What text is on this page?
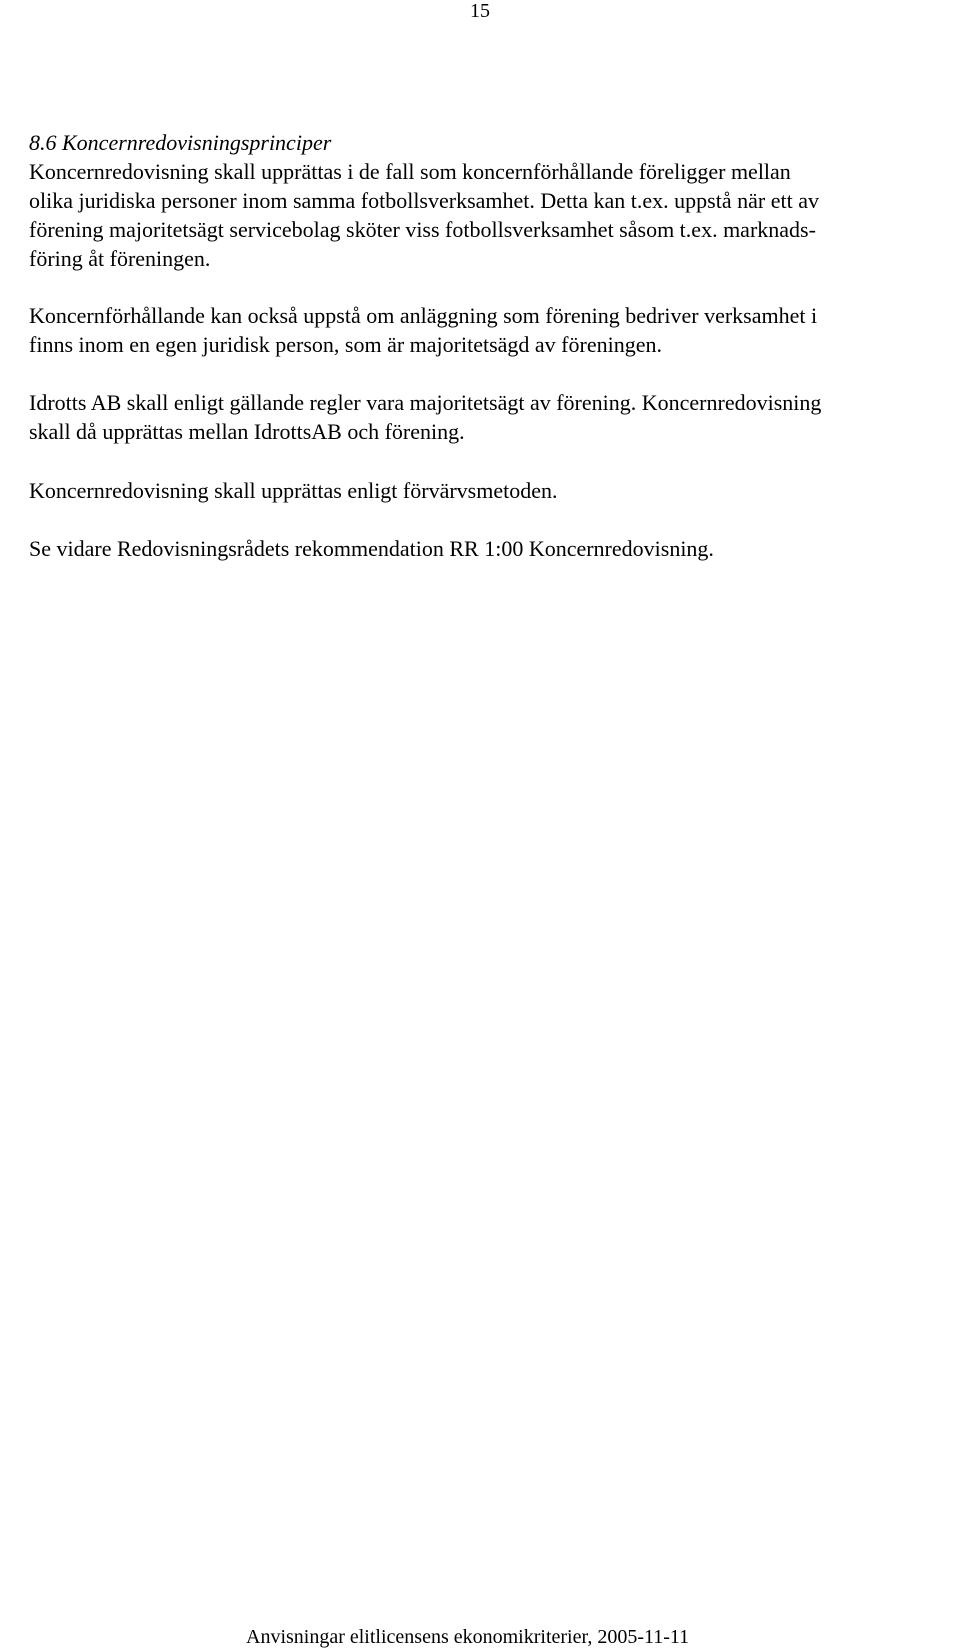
15
8.6 Koncernredovisningsprinciper

Koncernredovisning skall upprättas i de fall som koncernförhållande föreligger mellan
olika juridiska personer inom samma fotbollsverksamhet. Detta kan t.ex. uppstå när ett av
förening majoritetsägt servicebolag sköter viss fotbollsverksamhet såsom t.ex. marknads-
föring åt föreningen.

Koncernförhållande kan också uppstå om anläggning som förening bedriver verksamhet i
finns inom en egen juridisk person, som är majoritetsägd av föreningen.

Idrotts AB skall enligt gällande regler vara majoritetsägt av förening. Koncernredovisning
skall då upprättas mellan IdrottsAB och förening.

Koncernredovisning skall upprättas enligt förvärvsmetoden.

Se vidare Redovisningsrådets rekommendation RR 1:00 Koncernredovisning.

Anvisningar elitlicensens ekonomikriterier, 2005-11-11
